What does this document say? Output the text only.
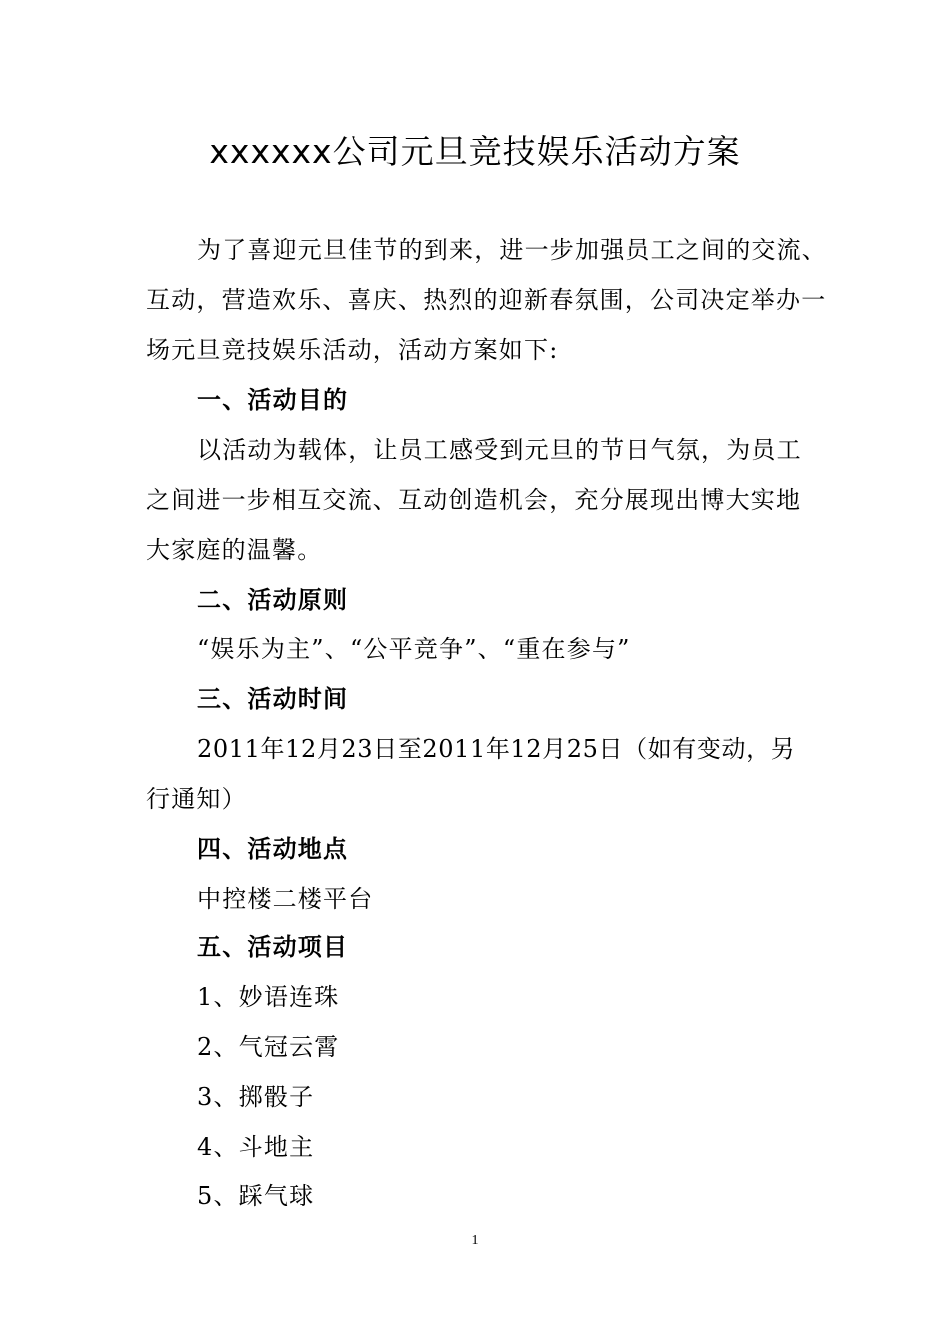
xxxxxx公司元旦竞技娱乐活动方案
为了喜迎元旦佳节的到来，进一步加强员工之间的交流、
互动，营造欢乐、喜庆、热烈的迎新春氛围，公司决定举办一
场元旦竞技娱乐活动，活动方案如下:
一、活动目的
以活动为载体，让员工感受到元旦的节日气氛，为员工
之间进一步相互交流、互动创造机会，充分展现出博大实地
大家庭的温馨。
二、活动原则
“娱乐为主”、“公平竞争”、“重在参与”
三、活动时间
2011年12月23日至2011年12月25日（如有变动，另
行通知）
四、活动地点
中控楼二楼平台
五、活动项目
1、妙语连珠
2、气冠云霄
3、掷骰子
4、斗地主
5、踩气球
1
